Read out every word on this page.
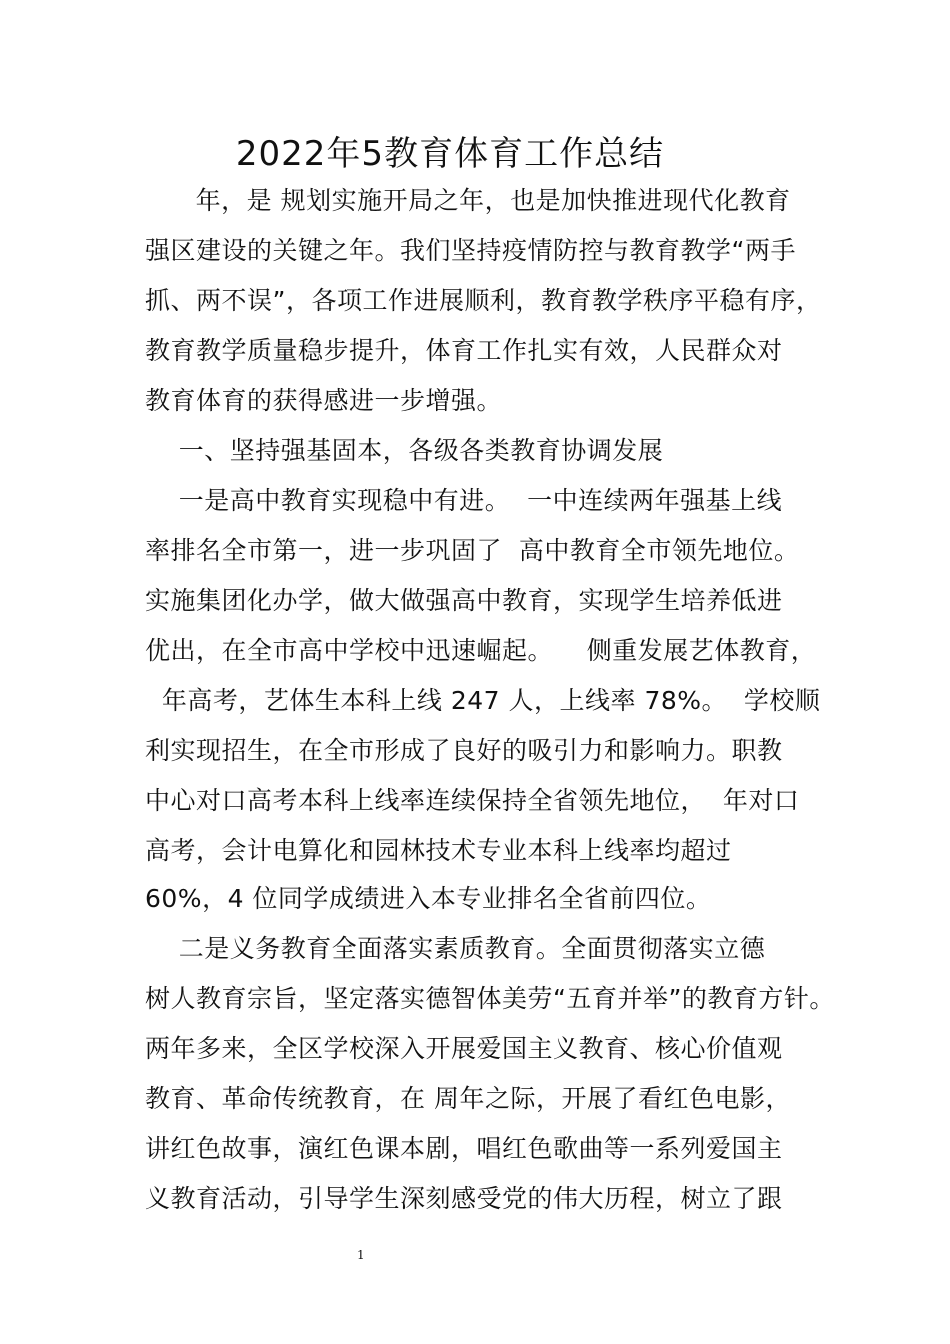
2022年5教育体育工作总结
年，是 规划实施开局之年，也是加快推进现代化教育
强区建设的关键之年。我们坚持疫情防控与教育教学“两手
抓、两不误”，各项工作进展顺利，教育教学秩序平稳有序，
教育教学质量稳步提升，体育工作扎实有效，人民群众对
教育体育的获得感进一步增强。
一、坚持强基固本，各级各类教育协调发展
一是高中教育实现稳中有进。  一中连续两年强基上线
率排名全市第一，进一步巩固了  高中教育全市领先地位。
实施集团化办学，做大做强高中教育，实现学生培养低进
优出，在全市高中学校中迅速崛起。    侧重发展艺体教育，
年高考，艺体生本科上线 247 人，上线率 78%。  学校顺
利实现招生，在全市形成了良好的吸引力和影响力。职教
中心对口高考本科上线率连续保持全省领先地位，  年对口
高考，会计电算化和园林技术专业本科上线率均超过
60%，4 位同学成绩进入本专业排名全省前四位。
二是义务教育全面落实素质教育。全面贯彻落实立德
树人教育宗旨，坚定落实德智体美劳“五育并举”的教育方针。
两年多来，全区学校深入开展爱国主义教育、核心价值观
教育、革命传统教育，在 周年之际，开展了看红色电影，
讲红色故事，演红色课本剧，唱红色歌曲等一系列爱国主
义教育活动，引导学生深刻感受党的伟大历程，树立了跟
1
